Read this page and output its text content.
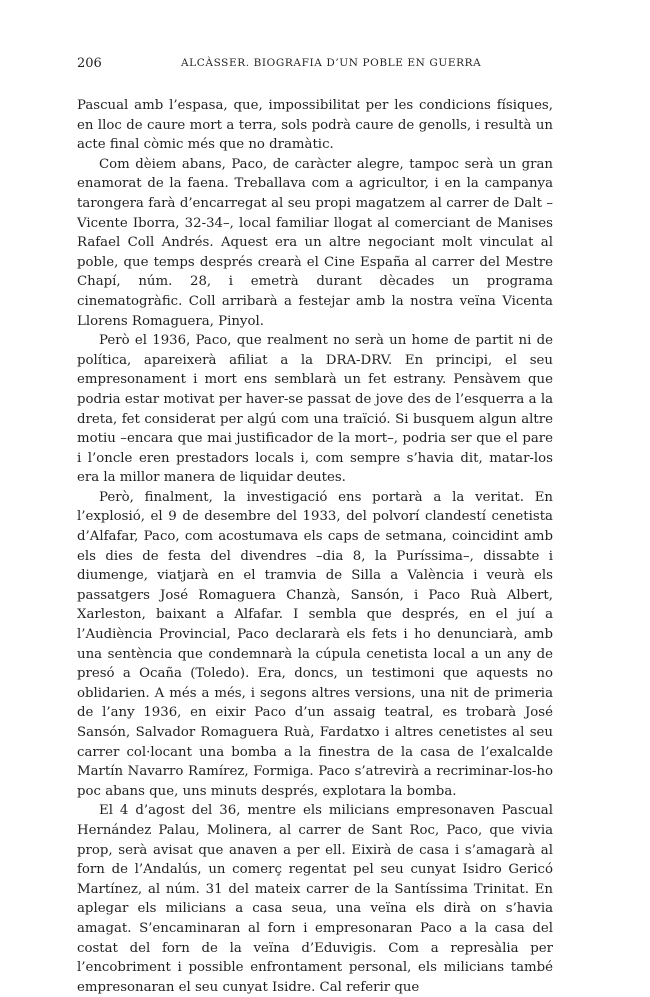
206	ALCÀSSER. BIOGRAFIA D’UN POBLE EN GUERRA

Pascual amb l’espasa, que, impossibilitat per les condicions físiques, en lloc de caure mort a terra, sols podrà caure de genolls, i resultà un acte final còmic més que no dramàtic.

Com dèiem abans, Paco, de caràcter alegre, tampoc serà un gran enamorat de la faena. Treballava com a agricultor, i en la campanya tarongera farà d’encarregat al seu propi magatzem al carrer de Dalt –Vicente Iborra, 32-34–, local familiar llogat al comerciant de Manises Rafael Coll Andrés. Aquest era un altre negociant molt vinculat al poble, que temps després crearà el Cine España al carrer del Mestre Chapí, núm. 28, i emetrà durant dècades un programa cinematogràfic. Coll arribarà a festejar amb la nostra veïna Vicenta Llorens Romaguera, Pinyol.

Però el 1936, Paco, que realment no serà un home de partit ni de política, apareixerà afiliat a la DRA-DRV. En principi, el seu empresonament i mort ens semblarà un fet estrany. Pensàvem que podria estar motivat per haver-se passat de jove des de l’esquerra a la dreta, fet considerat per algú com una traïció. Si busquem algun altre motiu –encara que mai justificador de la mort–, podria ser que el pare i l’oncle eren prestadors locals i, com sempre s’havia dit, matar-los era la millor manera de liquidar deutes.

Però, finalment, la investigació ens portarà a la veritat. En l’explosió, el 9 de desembre del 1933, del polvorí clandestí cenetista d’Alfafar, Paco, com acostumava els caps de setmana, coincidint amb els dies de festa del divendres –dia 8, la Puríssima–, dissabte i diumenge, viatjarà en el tramvia de Silla a València i veurà els passatgers José Romaguera Chanzà, Sansón, i Paco Ruà Albert, Xarleston, baixant a Alfafar. I sembla que després, en el juí a l’Audiència Provincial, Paco declararà els fets i ho denunciarà, amb una sentència que condemnarà la cúpula cenetista local a un any de presó a Ocaña (Toledo). Era, doncs, un testimoni que aquests no oblidarien. A més a més, i segons altres versions, una nit de primeria de l’any 1936, en eixir Paco d’un assaig teatral, es trobarà José Sansón, Salvador Romaguera Ruà, Fardatxo i altres cenetistes al seu carrer col·locant una bomba a la finestra de la casa de l’exalcalde Martín Navarro Ramírez, Formiga. Paco s’atrevirà a recriminar-los-ho poc abans que, uns minuts després, explotara la bomba.

El 4 d’agost del 36, mentre els milicians empresonaven Pascual Hernández Palau, Molinera, al carrer de Sant Roc, Paco, que vivia prop, serà avisat que anaven a per ell. Eixirà de casa i s’amagarà al forn de l’Andalús, un comerç regentat pel seu cunyat Isidro Gericó Martínez, al núm. 31 del mateix carrer de la Santíssima Trinitat. En aplegar els milicians a casa seua, una veïna els dirà on s’havia amagat. S’encaminaran al forn i empresonaran Paco a la casa del costat del forn de la veïna d’Eduvigis. Com a represàlia per l’encobriment i possible enfrontament personal, els milicians també empresonaran el seu cunyat Isidre. Cal referir que
